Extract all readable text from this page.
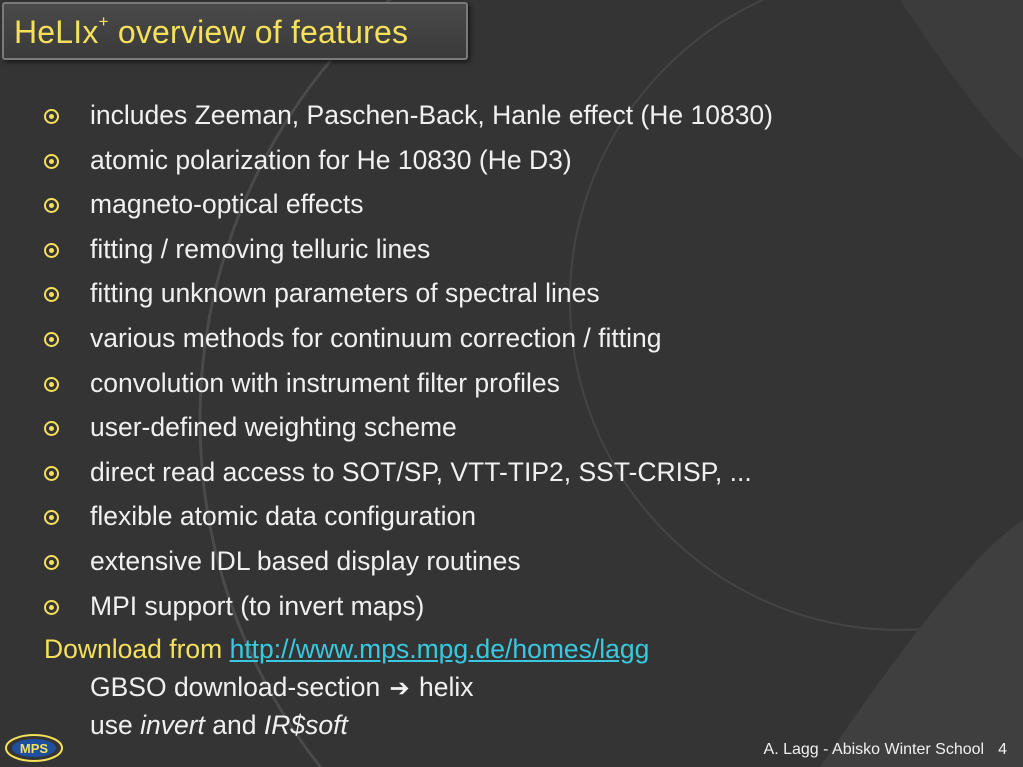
HeLIx+ overview of features
includes Zeeman, Paschen-Back, Hanle effect (He 10830)
atomic polarization for He 10830 (He D3)
magneto-optical effects
fitting / removing telluric lines
fitting unknown parameters of spectral lines
various methods for continuum correction / fitting
convolution with instrument filter profiles
user-defined weighting scheme
direct read access to SOT/SP, VTT-TIP2, SST-CRISP, ...
flexible atomic data configuration
extensive IDL based display routines
MPI support (to invert maps)
Download from http://www.mps.mpg.de/homes/lagg
GBSO download-section ➔ helix
use invert and IR$soft
MPS	A. Lagg - Abisko Winter School 4
